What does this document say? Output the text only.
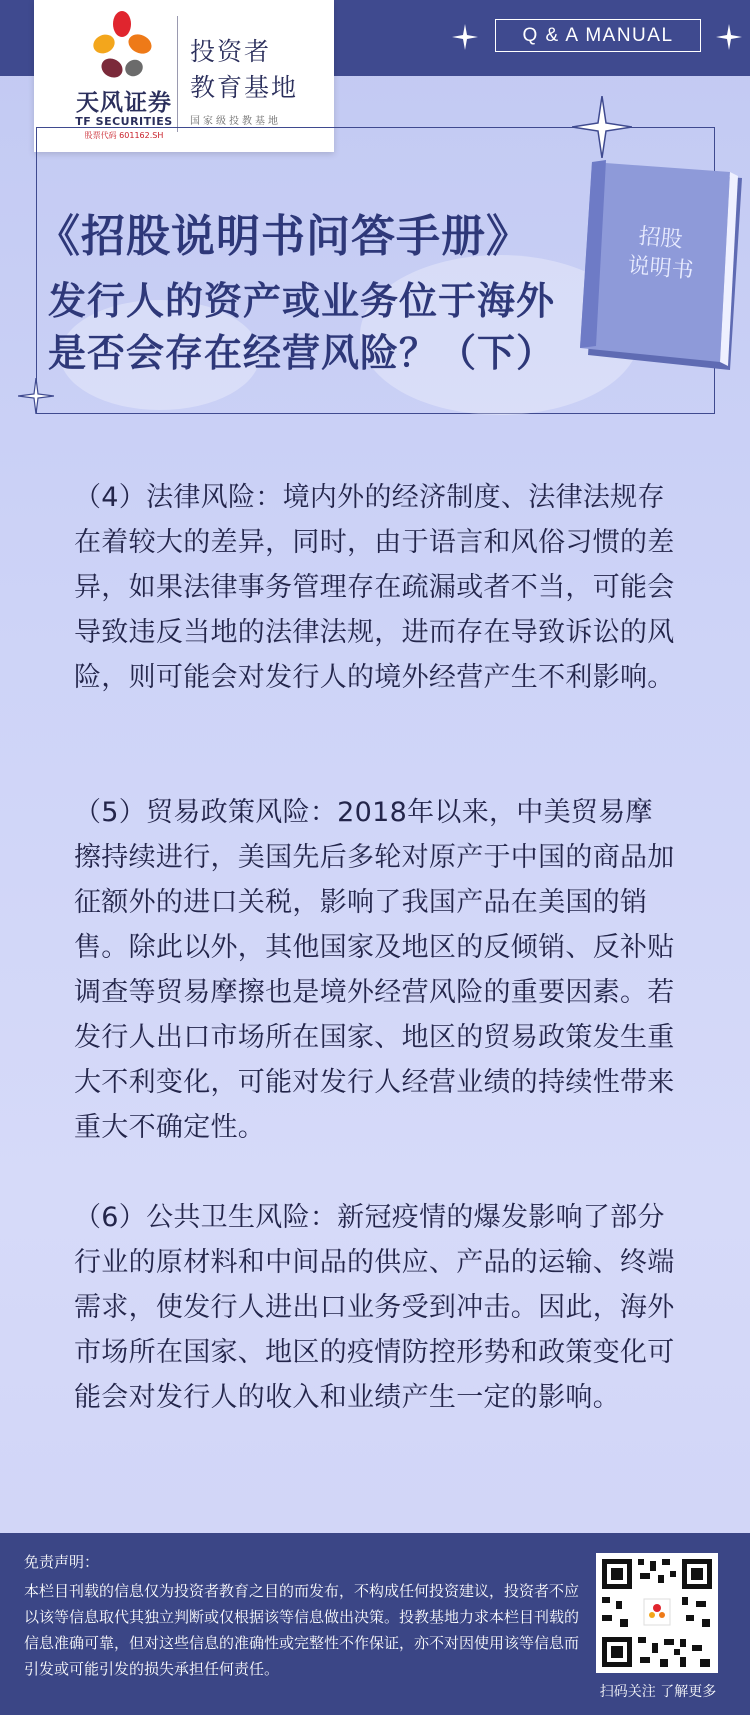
天风证券
TF SECURITIES
股票代码 601162.SH
投资者
教育基地
国家级投教基地
Q & A MANUAL
《招股说明书问答手册》
发行人的资产或业务位于海外
是否会存在经营风险？（下）
招股
说明书
（4）法律风险：境内外的经济制度、法律法规存在着较大的差异，同时，由于语言和风俗习惯的差异，如果法律事务管理存在疏漏或者不当，可能会导致违反当地的法律法规，进而存在导致诉讼的风险，则可能会对发行人的境外经营产生不利影响。
（5）贸易政策风险：2018年以来，中美贸易摩擦持续进行，美国先后多轮对原产于中国的商品加征额外的进口关税，影响了我国产品在美国的销售。除此以外，其他国家及地区的反倾销、反补贴调查等贸易摩擦也是境外经营风险的重要因素。若发行人出口市场所在国家、地区的贸易政策发生重大不利变化，可能对发行人经营业绩的持续性带来重大不确定性。
（6）公共卫生风险：新冠疫情的爆发影响了部分行业的原材料和中间品的供应、产品的运输、终端需求，使发行人进出口业务受到冲击。因此，海外市场所在国家、地区的疫情防控形势和政策变化可能会对发行人的收入和业绩产生一定的影响。
免责声明：
本栏目刊载的信息仅为投资者教育之目的而发布，不构成任何投资建议，投资者不应以该等信息取代其独立判断或仅根据该等信息做出决策。投教基地力求本栏目刊载的信息准确可靠，但对这些信息的准确性或完整性不作保证，亦不对因使用该等信息而引发或可能引发的损失承担任何责任。
扫码关注 了解更多
